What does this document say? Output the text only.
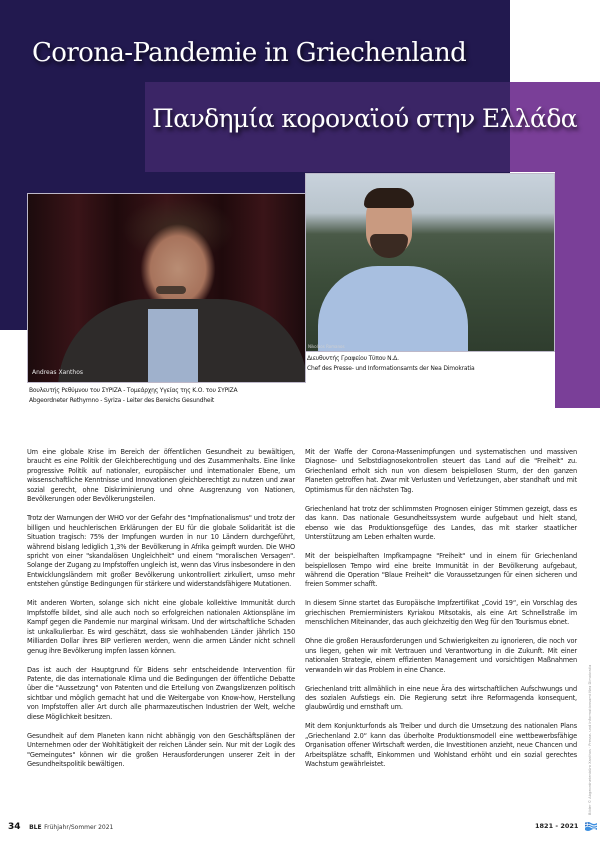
Corona-Pandemie in Griechenland
Πανδημία κοροναϊού στην Ελλάδα
Andreas Xanthos
Βουλευτής Ρεθύμνου του ΣΥΡΙΖΑ - Τομεάρχης Υγείας της Κ.Ο. του ΣΥΡΙΖΑ
Abgeordneter Rethymno - Syriza - Leiter des Bereichs Gesundheit
Nikolaos Romanos
Διευθυντής Γραφείου Τύπου Ν.Δ.
Chef des Presse- und Informationsamts der Nea Dimokratia

Um eine globale Krise im Bereich der öffentlichen Gesundheit zu bewältigen, braucht es eine Politik der Gleichberechtigung und des Zusammenhalts. Eine linke progressive Politik auf nationaler, europäischer und internationaler Ebene, um wissenschaftliche Kenntnisse und Innovationen gleichberechtigt zu nutzen und zwar sozial gerecht, ohne Diskriminierung und ohne Ausgrenzung von Nationen, Bevölkerungen oder Bevölkerungsteilen.

Trotz der Warnungen der WHO vor der Gefahr des "Impfnationalismus" und trotz der billigen und heuchlerischen Erklärungen der EU für die globale Solidarität ist die Situation tragisch: 75% der Impfungen wurden in nur 10 Ländern durchgeführt, während bislang lediglich 1,3% der Bevölkerung in Afrika geimpft wurden. Die WHO spricht von einer "skandalösen Ungleichheit" und einem "moralischen Versagen". Solange der Zugang zu Impfstoffen ungleich ist, wenn das Virus insbesondere in den Entwicklungsländern mit großer Bevölkerung unkontrolliert zirkuliert, umso mehr entstehen günstige Bedingungen für stärkere und widerstandsfähigere Mutationen.

Mit anderen Worten, solange sich nicht eine globale kollektive Immunität durch Impfstoffe bildet, sind alle auch noch so erfolgreichen nationalen Aktionspläne im Kampf gegen die Pandemie nur marginal wirksam. Und der wirtschaftliche Schaden ist unkalkulierbar. Es wird geschätzt, dass sie wohlhabenden Länder jährlich 150 Milliarden Dollar ihres BIP verlieren werden, wenn die armen Länder nicht schnell genug ihre Bevölkerung impfen lassen können.

Das ist auch der Hauptgrund für Bidens sehr entscheidende Intervention für Patente, die das internationale Klima und die Bedingungen der öffentliche Debatte über die "Aussetzung" von Patenten und die Erteilung von Zwangslizenzen politisch sichtbar und möglich gemacht hat und die Weitergabe von Know-how, Herstellung von Impfstoffen aller Art durch alle pharmazeutischen Industrien der Welt, welche diese Möglichkeit besitzen.

Gesundheit auf dem Planeten kann nicht abhängig von den Geschäftsplänen der Unternehmen oder der Wohltätigkeit der reichen Länder sein. Nur mit der Logik des "Gemeingutes" können wir die großen Herausforderungen unserer Zeit in der Gesundheitspolitik bewältigen.

Mit der Waffe der Corona-Massenimpfungen und systematischen und massiven Diagnose- und Selbstdiagnosekontrollen steuert das Land auf die "Freiheit" zu. Griechenland erholt sich nun von diesem beispiellosen Sturm, der den ganzen Planeten getroffen hat. Zwar mit Verlusten und Verletzungen, aber standhaft und mit Optimismus für den nächsten Tag.

Griechenland hat trotz der schlimmsten Prognosen einiger Stimmen gezeigt, dass es das kann. Das nationale Gesundheitssystem wurde aufgebaut und hielt stand, ebenso wie das Produktionsgefüge des Landes, das mit starker staatlicher Unterstützung am Leben erhalten wurde.

Mit der beispielhaften Impfkampagne "Freiheit" und in einem für Griechenland beispiellosen Tempo wird eine breite Immunität in der Bevölkerung aufgebaut, während die Operation "Blaue Freiheit" die Voraussetzungen für einen sicheren und freien Sommer schafft.

In diesem Sinne startet das Europäische Impfzertifikat „Covid 19“, ein Vorschlag des griechischen Premierministers Kyriakou Mitsotakis, als eine Art Schnellstraße im menschlichen Miteinander, das auch gleichzeitig den Weg für den Tourismus ebnet.

Ohne die großen Herausforderungen und Schwierigkeiten zu ignorieren, die noch vor uns liegen, gehen wir mit Vertrauen und Verantwortung in die Zukunft. Mit einer nationalen Strategie, einem effizienten Management und vorsichtigen Maßnahmen verwandeln wir das Problem in eine Chance.

Griechenland tritt allmählich in eine neue Ära des wirtschaftlichen Aufschwungs und des sozialen Aufstiegs ein. Die Regierung setzt ihre Reformagenda konsequent, glaubwürdig und ernsthaft um.

Mit dem Konjunkturfonds als Treiber und durch die Umsetzung des nationalen Plans „Griechenland 2.0“ kann das überholte Produktionsmodell eine wettbewerbsfähige Organisation offener Wirtschaft werden, die Investitionen anzieht, neue Chancen und Arbeitsplätze schafft, Einkommen und Wohlstand erhöht und ein sozial gerechtes Wachstum gewährleistet.	Bilder © Abgeordnetenbüro Xanthos · Presse- und Informationsamt Nea Dimokratia
34 BLE Frühjahr/Sommer 2021	1821 - 2021
